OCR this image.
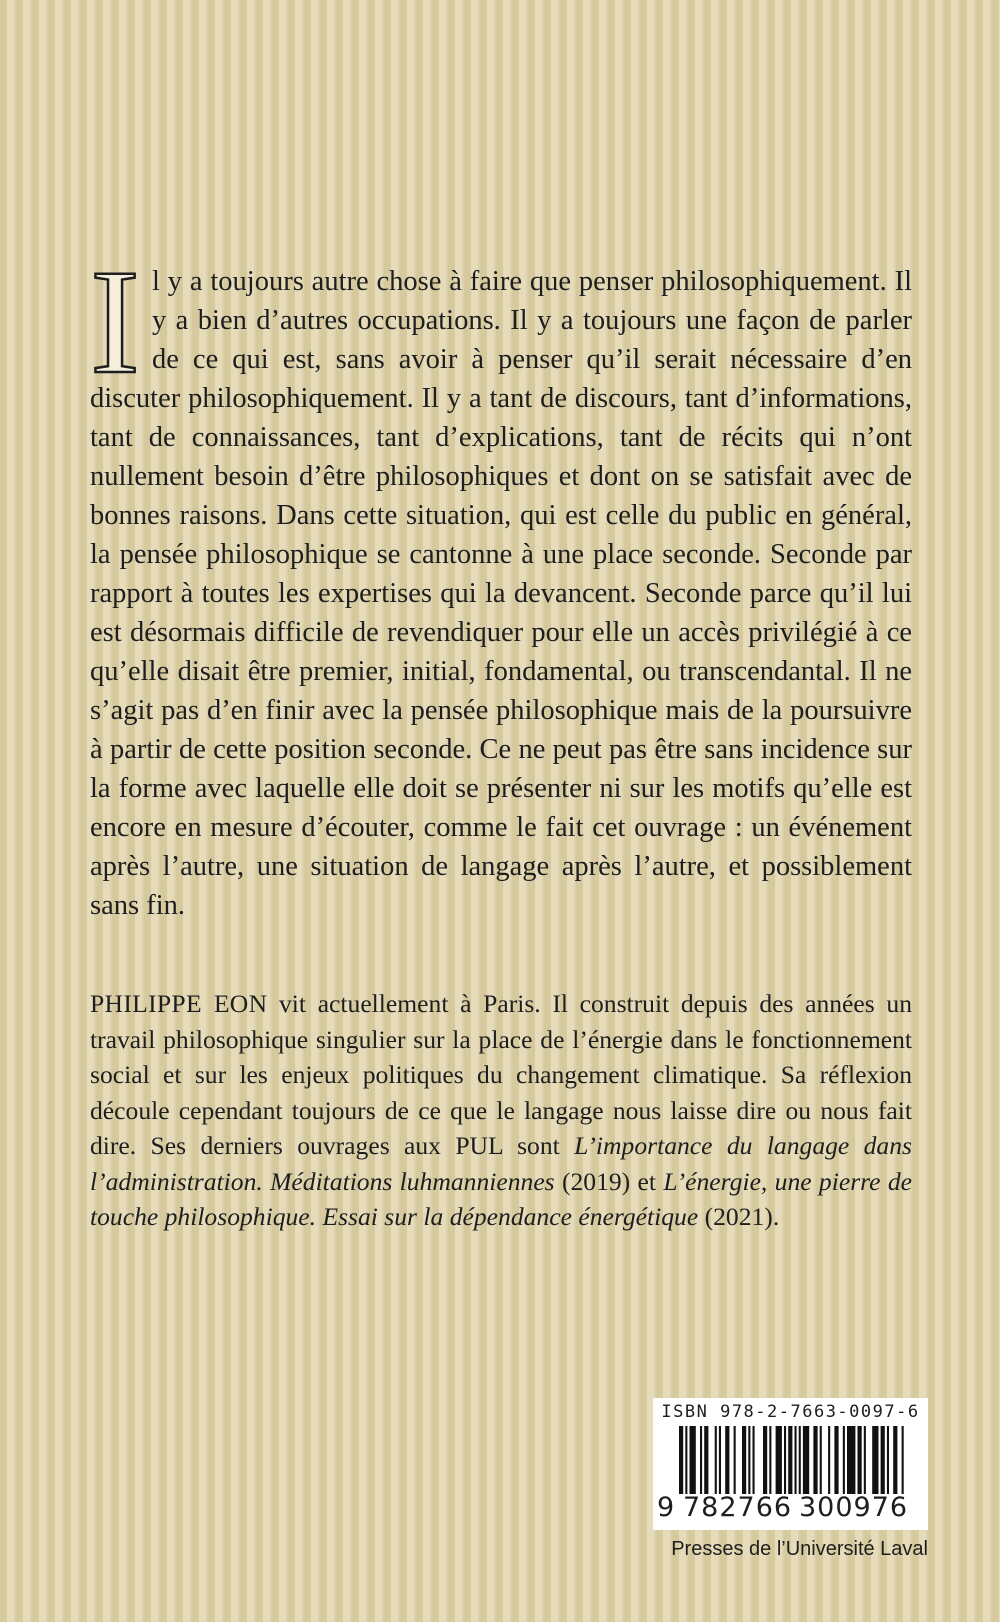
Il y a toujours autre chose à faire que penser philosophiquement. Il y a bien d’autres occupations. Il y a toujours une façon de parler de ce qui est, sans avoir à penser qu’il serait nécessaire d’en discuter philosophiquement. Il y a tant de discours, tant d’informations, tant de connaissances, tant d’explications, tant de récits qui n’ont nullement besoin d’être philosophiques et dont on se satisfait avec de bonnes raisons. Dans cette situation, qui est celle du public en général, la pensée philosophique se cantonne à une place seconde. Seconde par rapport à toutes les expertises qui la devancent. Seconde parce qu’il lui est désormais difficile de revendiquer pour elle un accès privilégié à ce qu’elle disait être premier, initial, fondamental, ou transcendantal. Il ne s’agit pas d’en finir avec la pensée philosophique mais de la poursuivre à partir de cette position seconde. Ce ne peut pas être sans incidence sur la forme avec laquelle elle doit se présenter ni sur les motifs qu’elle est encore en mesure d’écouter, comme le fait cet ouvrage : un événement après l’autre, une situation de langage après l’autre, et possiblement sans fin.
PHILIPPE EON vit actuellement à Paris. Il construit depuis des années un travail philosophique singulier sur la place de l’énergie dans le fonctionnement social et sur les enjeux politiques du changement climatique. Sa réflexion découle cependant toujours de ce que le langage nous laisse dire ou nous fait dire. Ses derniers ouvrages aux PUL sont L’importance du langage dans l’administration. Méditations luhmanniennes (2019) et L’énergie, une pierre de touche philosophique. Essai sur la dépendance énergétique (2021).
ISBN 978-2-7663-0097-6
9 782766 300976
Presses de l’Université Laval
